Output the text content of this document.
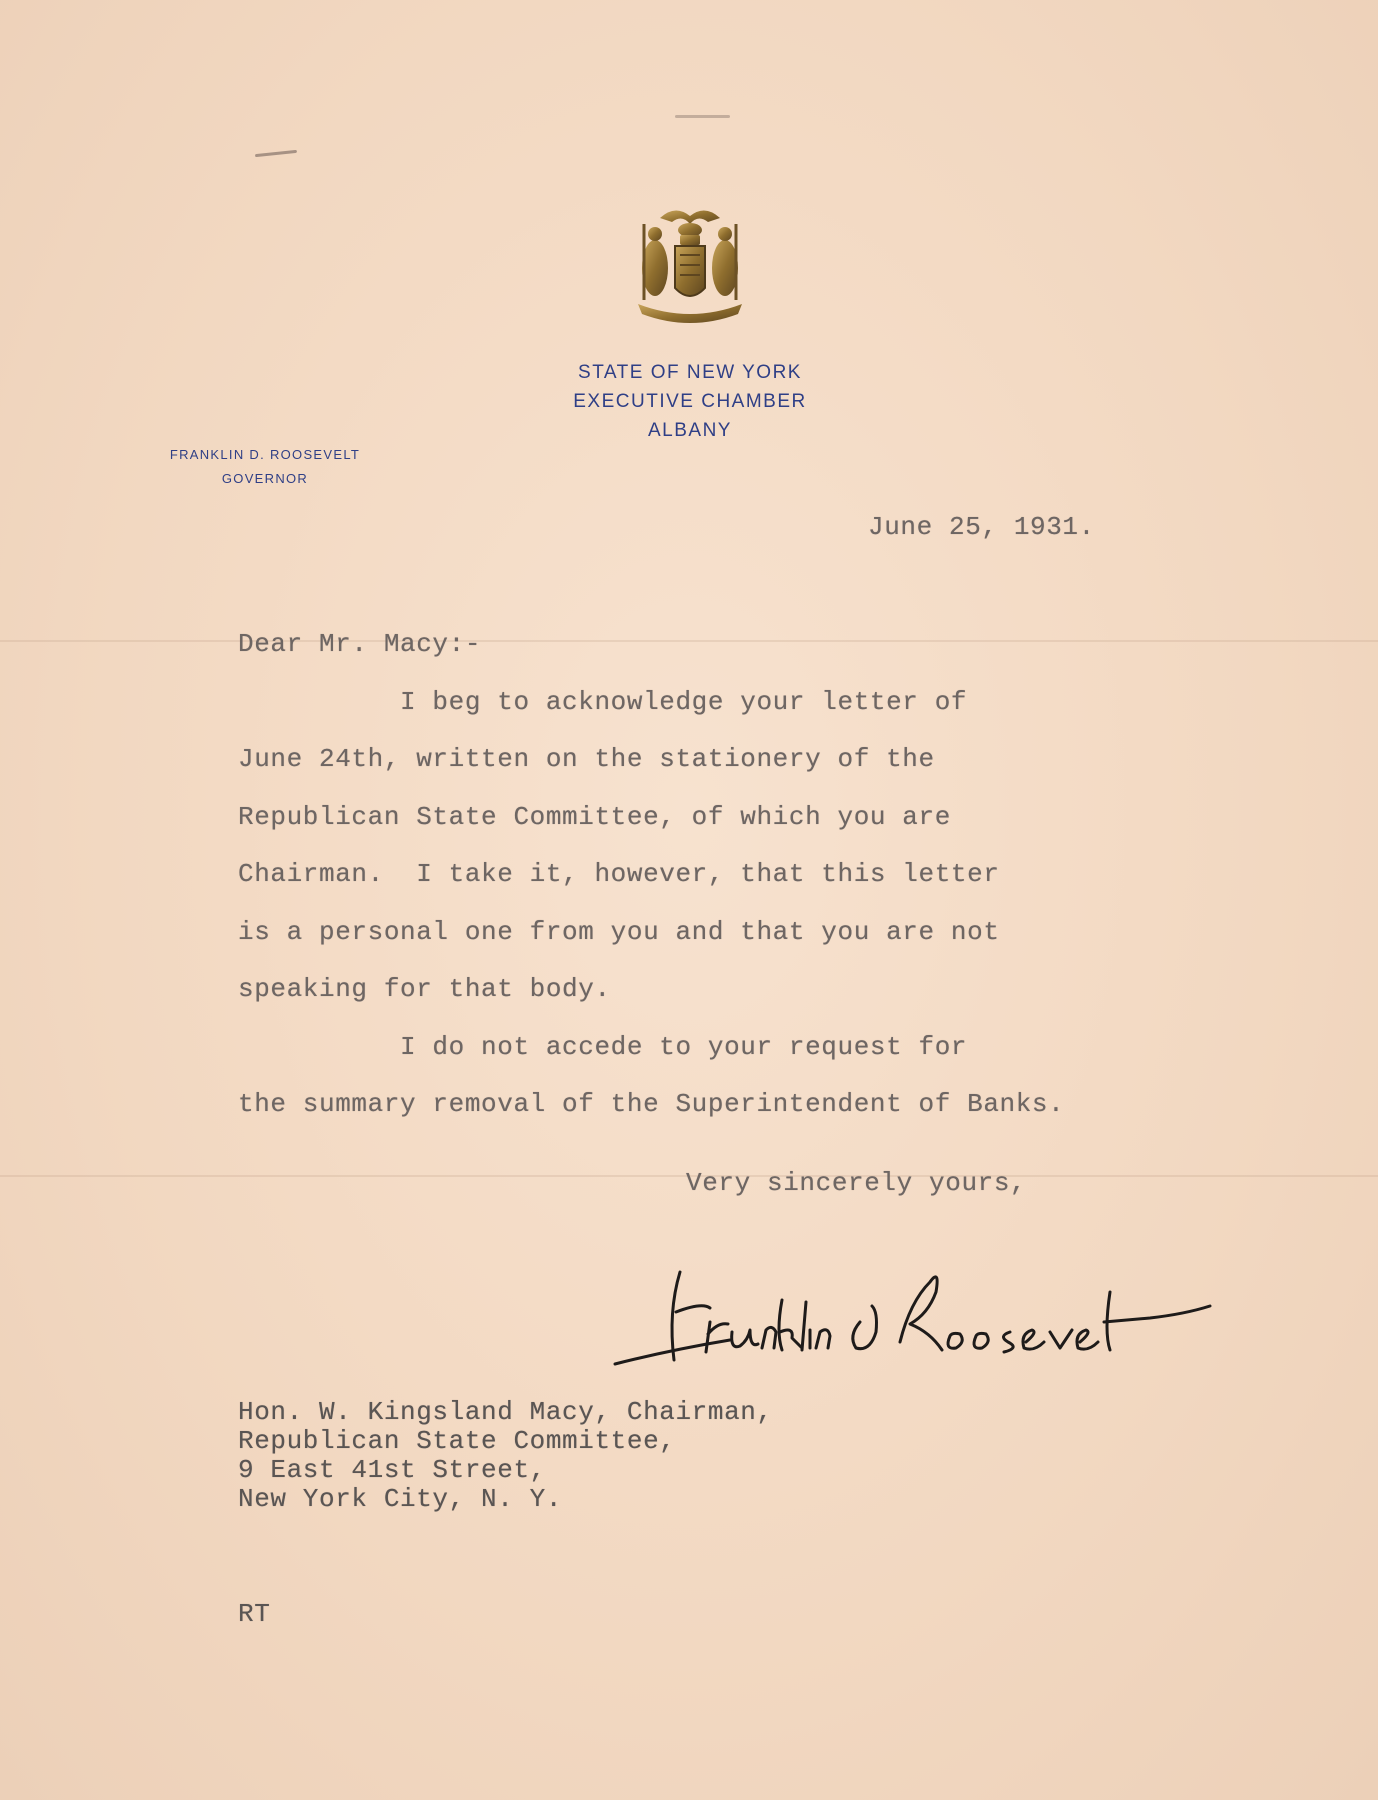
STATE OF NEW YORK
EXECUTIVE CHAMBER
ALBANY
FRANKLIN D. ROOSEVELT
GOVERNOR
June 25, 1931.
Dear Mr. Macy:-
I beg to acknowledge your letter of
June 24th, written on the stationery of the
Republican State Committee, of which you are
Chairman.  I take it, however, that this letter
is a personal one from you and that you are not
speaking for that body.
I do not accede to your request for
the summary removal of the Superintendent of Banks.
Very sincerely yours,
Hon. W. Kingsland Macy, Chairman,
Republican State Committee,
9 East 41st Street,
New York City, N. Y.
RT
